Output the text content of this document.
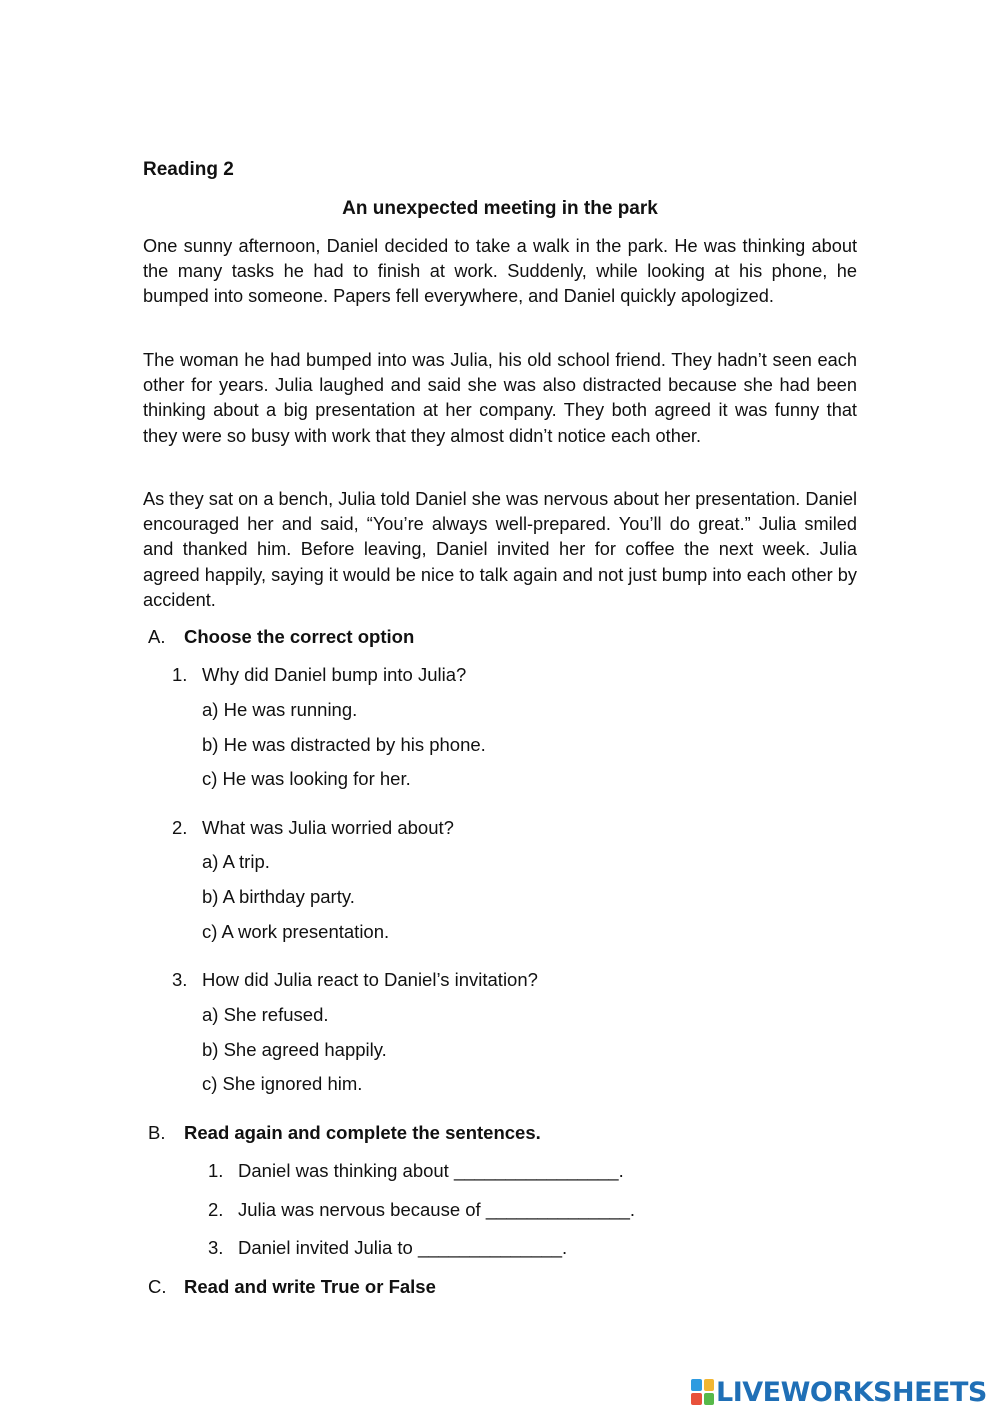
Reading 2
An unexpected meeting in the park

One sunny afternoon, Daniel decided to take a walk in the park. He was thinking about the many tasks he had to finish at work. Suddenly, while looking at his phone, he bumped into someone. Papers fell everywhere, and Daniel quickly apologized.

The woman he had bumped into was Julia, his old school friend. They hadn’t seen each other for years. Julia laughed and said she was also distracted because she had been thinking about a big presentation at her company. They both agreed it was funny that they were so busy with work that they almost didn’t notice each other.

As they sat on a bench, Julia told Daniel she was nervous about her presentation. Daniel encouraged her and said, “You’re always well-prepared. You’ll do great.” Julia smiled and thanked him. Before leaving, Daniel invited her for coffee the next week. Julia agreed happily, saying it would be nice to talk again and not just bump into each other by accident.

A. Choose the correct option
1. Why did Daniel bump into Julia?
a) He was running.
b) He was distracted by his phone.
c) He was looking for her.
2. What was Julia worried about?
a) A trip.
b) A birthday party.
c) A work presentation.
3. How did Julia react to Daniel’s invitation?
a) She refused.
b) She agreed happily.
c) She ignored him.
B. Read again and complete the sentences.
1. Daniel was thinking about ________________.
2. Julia was nervous because of ______________.
3. Daniel invited Julia to ______________.
C. Read and write True or False
LIVEWORKSHEETS
